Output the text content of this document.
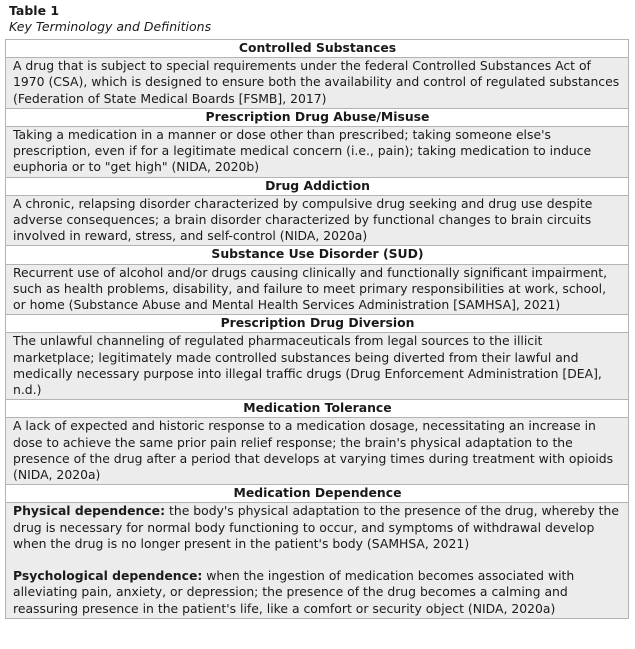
Table 1
Key Terminology and Definitions
Controlled Substances
A drug that is subject to special requirements under the federal Controlled Substances Act of 1970 (CSA), which is designed to ensure both the availability and control of regulated substances (Federation of State Medical Boards [FSMB], 2017)
Prescription Drug Abuse/Misuse
Taking a medication in a manner or dose other than prescribed; taking someone else's prescription, even if for a legitimate medical concern (i.e., pain); taking medication to induce euphoria or to "get high" (NIDA, 2020b)
Drug Addiction
A chronic, relapsing disorder characterized by compulsive drug seeking and drug use despite adverse consequences; a brain disorder characterized by functional changes to brain circuits involved in reward, stress, and self-control (NIDA, 2020a)
Substance Use Disorder (SUD)
Recurrent use of alcohol and/or drugs causing clinically and functionally significant impairment, such as health problems, disability, and failure to meet primary responsibilities at work, school, or home (Substance Abuse and Mental Health Services Administration [SAMHSA], 2021)
Prescription Drug Diversion
The unlawful channeling of regulated pharmaceuticals from legal sources to the illicit marketplace; legitimately made controlled substances being diverted from their lawful and medically necessary purpose into illegal traffic drugs (Drug Enforcement Administration [DEA], n.d.)
Medication Tolerance
A lack of expected and historic response to a medication dosage, necessitating an increase in dose to achieve the same prior pain relief response; the brain's physical adaptation to the presence of the drug after a period that develops at varying times during treatment with opioids (NIDA, 2020a)
Medication Dependence

Physical dependence: the body's physical adaptation to the presence of the drug, whereby the drug is necessary for normal body functioning to occur, and symptoms of withdrawal develop when the drug is no longer present in the patient's body (SAMHSA, 2021)
Psychological dependence: when the ingestion of medication becomes associated with alleviating pain, anxiety, or depression; the presence of the drug becomes a calming and reassuring presence in the patient's life, like a comfort or security object (NIDA, 2020a)
